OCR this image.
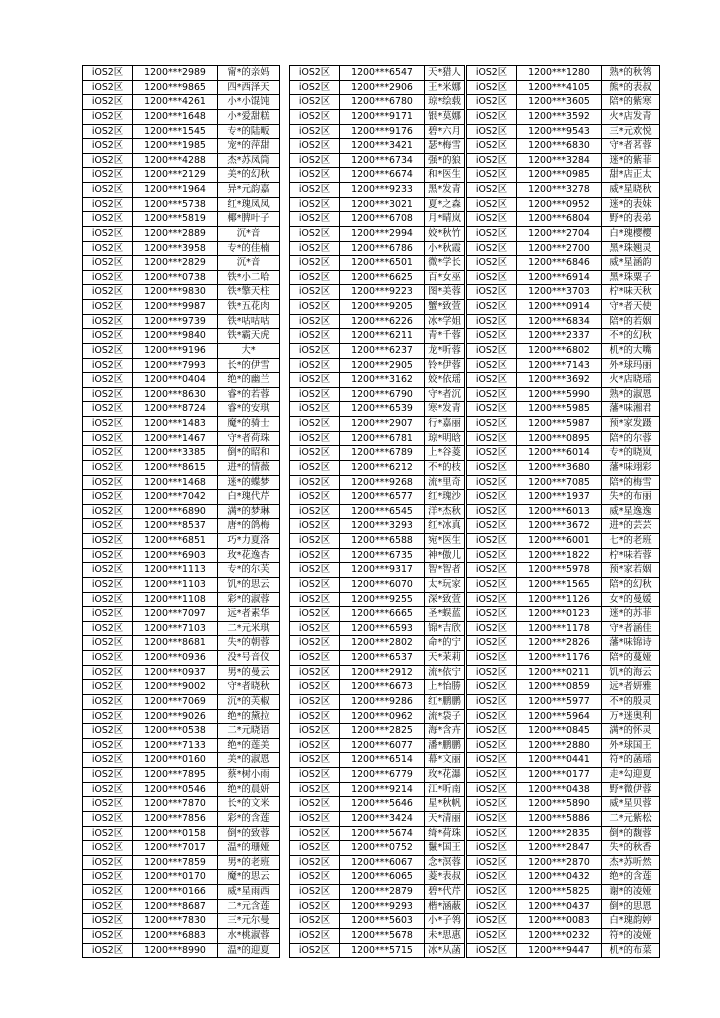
iOS2区	1200***2989	甯*的亲妈
iOS2区	1200***9865	四*西泽天
iOS2区	1200***4261	小*小馄饨
iOS2区	1200***1648	小*爱甜糕
iOS2区	1200***1545	专*的陆畈
iOS2区	1200***1985	宠*的萍甜
iOS2区	1200***4288	杰*苏凤筒
iOS2区	1200***2129	美*的幻秋
iOS2区	1200***1964	异*元韵嘉
iOS2区	1200***5738	红*瑰凤凤
iOS2区	1200***5819	椰*脾叶子
iOS2区	1200***2889	沉*音
iOS2区	1200***3958	专*的佳楠
iOS2区	1200***2829	沉*音
iOS2区	1200***0738	铁*小二哈
iOS2区	1200***9830	铁*擎天柱
iOS2区	1200***9987	铁*五花肉
iOS2区	1200***9739	铁*咕咕咕
iOS2区	1200***9840	铁*霸天虎
iOS2区	1200***9196	大*
iOS2区	1200***7993	长*的伊雪
iOS2区	1200***0404	绝*的幽兰
iOS2区	1200***8630	睿*的若蓉
iOS2区	1200***8724	睿*的安琪
iOS2区	1200***1483	魔*的骑士
iOS2区	1200***1467	守*者荷珠
iOS2区	1200***3385	倒*的昭和
iOS2区	1200***8615	进*的情薇
iOS2区	1200***1468	迷*的蝶梦
iOS2区	1200***7042	白*瑰代芹
iOS2区	1200***6890	满*的梦琳
iOS2区	1200***8537	唐*的鸽梅
iOS2区	1200***6851	巧*力夏洛
iOS2区	1200***6903	玫*花逸杏
iOS2区	1200***1113	专*的尔芙
iOS2区	1200***1103	饥*的思云
iOS2区	1200***1108	彩*的淑蓉
iOS2区	1200***7097	远*者素华
iOS2区	1200***7103	二*元米琪
iOS2区	1200***8681	失*的朝蓉
iOS2区	1200***0936	没*号音仪
iOS2区	1200***0937	男*的曼云
iOS2区	1200***9002	守*者晓秋
iOS2区	1200***7069	沉*的芙椒
iOS2区	1200***9026	绝*的黛拉
iOS2区	1200***0538	二*元晓语
iOS2区	1200***7133	绝*的莲美
iOS2区	1200***0160	美*的淑恩
iOS2区	1200***7895	蔡*树小雨
iOS2区	1200***0546	绝*的晨妍
iOS2区	1200***7870	长*的文米
iOS2区	1200***7856	彩*的含莲
iOS2区	1200***0158	倒*的致蓉
iOS2区	1200***7017	温*的珊娅
iOS2区	1200***7859	男*的老班
iOS2区	1200***0170	魔*的思云
iOS2区	1200***0166	威*星雨西
iOS2区	1200***8687	二*元含莲
iOS2区	1200***7830	三*元尔曼
iOS2区	1200***6883	水*桃淑蓉
iOS2区	1200***8990	温*的迎夏
iOS2区	1200***6547	天*猎人
iOS2区	1200***2906	王*米娜
iOS2区	1200***6780	琼*绘载
iOS2区	1200***9171	银*莫娜
iOS2区	1200***9176	碧*六月
iOS2区	1200***3421	瑟*梅雪
iOS2区	1200***6734	强*的狼
iOS2区	1200***6674	和*医生
iOS2区	1200***9233	黑*发青
iOS2区	1200***3021	夏*之森
iOS2区	1200***6708	月*晴岚
iOS2区	1200***2994	姣*秋竹
iOS2区	1200***6786	小*秋霞
iOS2区	1200***6501	微*学长
iOS2区	1200***6625	百*女巫
iOS2区	1200***9223	图*美蓉
iOS2区	1200***9205	蟹*致萱
iOS2区	1200***6226	冰*学姐
iOS2区	1200***6211	青*千蓉
iOS2区	1200***6237	龙*听蓉
iOS2区	1200***2905	铃*伊蓉
iOS2区	1200***3162	姣*依瑶
iOS2区	1200***6790	守*者沉
iOS2区	1200***6539	寒*发青
iOS2区	1200***2907	行*嘉丽
iOS2区	1200***6781	琼*明晗
iOS2区	1200***6789	上*谷菱
iOS2区	1200***6212	不*的枝
iOS2区	1200***9268	流*里奇
iOS2区	1200***6577	红*瑰沙
iOS2区	1200***6545	洋*杰秋
iOS2区	1200***3293	红*冰真
iOS2区	1200***6588	宛*医生
iOS2区	1200***6735	神*傲儿
iOS2区	1200***9317	智*智者
iOS2区	1200***6070	太*玩家
iOS2区	1200***9255	深*致萱
iOS2区	1200***6665	圣*蜈蓝
iOS2区	1200***6593	锦*吉欣
iOS2区	1200***2802	命*的宁
iOS2区	1200***6537	天*茉莉
iOS2区	1200***2912	流*依宁
iOS2区	1200***6673	上*怡勝
iOS2区	1200***9286	红*鹏鹏
iOS2区	1200***0962	流*袋子
iOS2区	1200***2825	海*含卉
iOS2区	1200***6077	潘*鹏鹏
iOS2区	1200***6514	幕*文丽
iOS2区	1200***6779	玫*花瀑
iOS2区	1200***9214	江*听南
iOS2区	1200***5646	星*秋帆
iOS2区	1200***3424	天*清丽
iOS2区	1200***5674	绮*荷珠
iOS2区	1200***0752	鬣*国王
iOS2区	1200***6067	念*溟蓉
iOS2区	1200***6065	菱*表叔
iOS2区	1200***2879	碧*代芹
iOS2区	1200***9293	楷*涵蔽
iOS2区	1200***5603	小*子鸰
iOS2区	1200***5678	未*思惠
iOS2区	1200***5715	冰*从菡
iOS2区	1200***1280	熟*的秋鸰
iOS2区	1200***4105	熊*的表叔
iOS2区	1200***3605	陪*的紫寒
iOS2区	1200***3592	火*店发青
iOS2区	1200***9543	三*元欢悦
iOS2区	1200***6830	守*者茗蓉
iOS2区	1200***3284	迷*的紫菲
iOS2区	1200***0985	甜*店正太
iOS2区	1200***3278	威*星晓秋
iOS2区	1200***0952	迷*的表妹
iOS2区	1200***6804	野*的表弟
iOS2区	1200***2704	白*瑰樱樱
iOS2区	1200***2700	黑*珠翘灵
iOS2区	1200***6846	威*星涵韵
iOS2区	1200***6914	黑*珠粟子
iOS2区	1200***3703	柠*味天秋
iOS2区	1200***0914	守*者天使
iOS2区	1200***6834	陪*的若姻
iOS2区	1200***2337	不*的幻秋
iOS2区	1200***6802	机*的大嘴
iOS2区	1200***7143	外*球玛丽
iOS2区	1200***3692	火*店晓瑶
iOS2区	1200***5990	熟*的淑恩
iOS2区	1200***5985	藩*味湘君
iOS2区	1200***5987	预*家发蹑
iOS2区	1200***0895	陪*的尔蓉
iOS2区	1200***6014	专*的晓岚
iOS2区	1200***3680	藩*味翊彩
iOS2区	1200***7085	陪*的梅雪
iOS2区	1200***1937	失*的布丽
iOS2区	1200***6013	威*星逸逸
iOS2区	1200***3672	进*的芸芸
iOS2区	1200***6001	七*的老班
iOS2区	1200***1822	柠*味若蓉
iOS2区	1200***5978	预*家若姻
iOS2区	1200***1565	陪*的幻秋
iOS2区	1200***1126	女*的曼媛
iOS2区	1200***0123	迷*的苏菲
iOS2区	1200***1178	守*者涵佳
iOS2区	1200***2826	藩*味锦诗
iOS2区	1200***1176	陪*的蔓娅
iOS2区	1200***0211	饥*的海云
iOS2区	1200***0859	远*者妍雅
iOS2区	1200***5977	不*的殷灵
iOS2区	1200***5964	万*迷奥利
iOS2区	1200***0845	满*的怀灵
iOS2区	1200***2880	外*球国王
iOS2区	1200***0441	符*的菡瑶
iOS2区	1200***0177	走*勾迎夏
iOS2区	1200***0438	野*微伊蓉
iOS2区	1200***5890	威*星贝蓉
iOS2区	1200***5886	二*元紫松
iOS2区	1200***2835	倒*的馥蓉
iOS2区	1200***2847	失*的秋香
iOS2区	1200***2870	杰*苏听然
iOS2区	1200***0432	绝*的含莲
iOS2区	1200***5825	谢*的凌娅
iOS2区	1200***0437	倒*的思恩
iOS2区	1200***0083	白*瑰韵婷
iOS2区	1200***0232	符*的凌娅
iOS2区	1200***9447	机*的布菜
